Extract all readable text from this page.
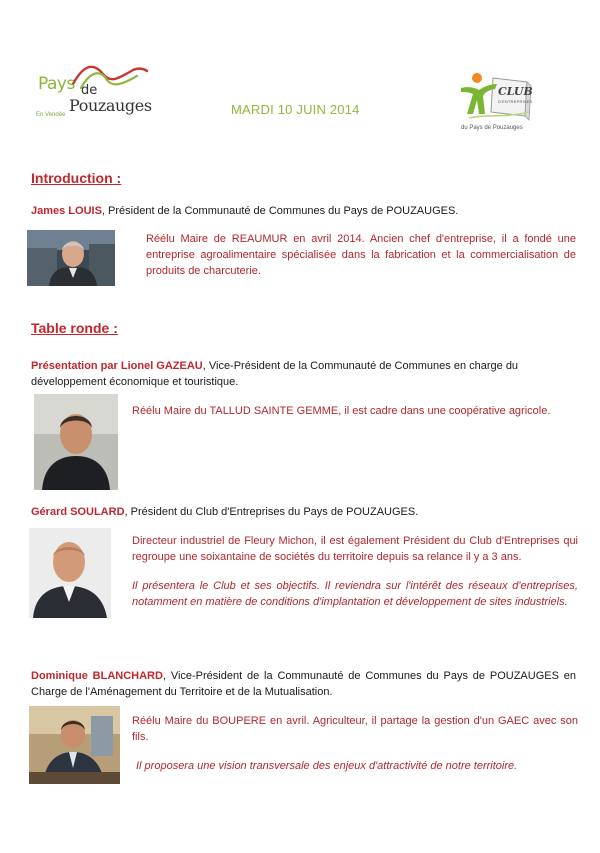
Pays de
Pouzauges
En Vendée	MARDI 10 JUIN 2014
CLUB
D'ENTREPRISES
du Pays de Pouzauges
Introduction :
James LOUIS, Président de la Communauté de Communes du Pays de POUZAUGES.
Réélu Maire de REAUMUR en avril 2014. Ancien chef d'entreprise, il a fondé une entreprise agroalimentaire spécialisée dans la fabrication et la commercialisation de produits de charcuterie.
Table ronde :
Présentation par Lionel GAZEAU, Vice-Président de la Communauté de Communes en charge du développement économique et touristique.
Réélu Maire du TALLUD SAINTE GEMME, il est cadre dans une coopérative agricole.
Gérard SOULARD, Président du Club d'Entreprises du Pays de POUZAUGES.
Directeur industriel de Fleury Michon, il est également Président du Club d'Entreprises qui regroupe une soixantaine de sociétés du territoire depuis sa relance il y a 3 ans.
Il présentera le Club et ses objectifs. Il reviendra sur l'intérêt des réseaux d'entreprises, notamment en matière de conditions d'implantation et développement de sites industriels.
Dominique BLANCHARD, Vice-Président de la Communauté de Communes du Pays de POUZAUGES en Charge de l'Aménagement du Territoire et de la Mutualisation.
Réélu Maire du BOUPERE en avril. Agriculteur, il partage la gestion d'un GAEC avec son fils.
Il proposera une vision transversale des enjeux d'attractivité de notre territoire.
